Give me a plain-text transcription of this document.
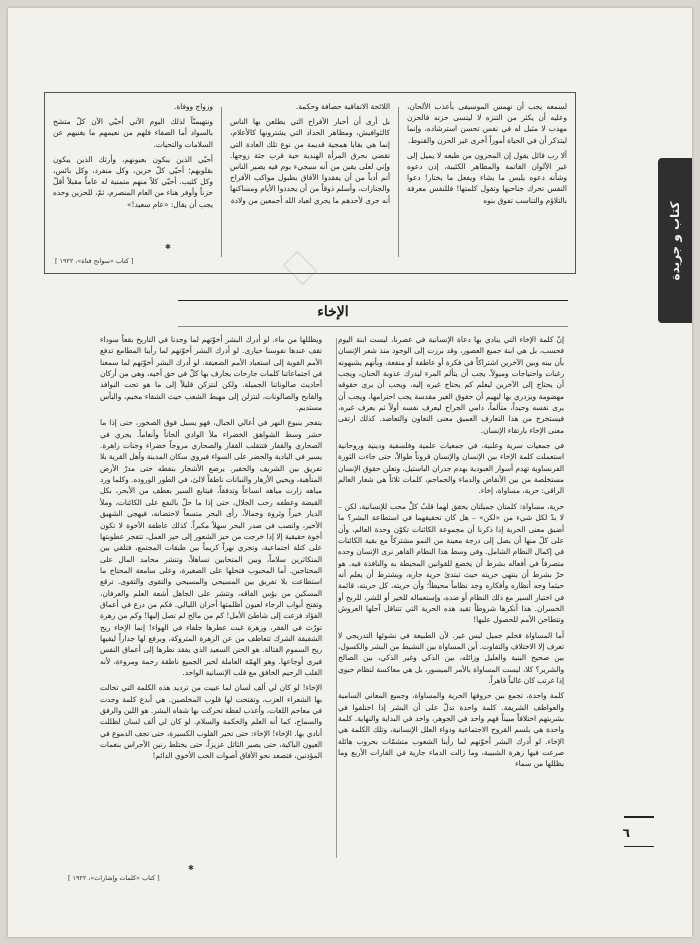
لسمعه يجب أن نهمس الموسيقى بأعذب الألحان، وعليه أن يكثر من التنزه لا ليتسى حزنه فالحزن مهذب لا مثيل له في نفس تحسن استرشاده، وإنما ليتذكر أن في الحياة أموراً أخرى غير الحزن والقنوط.

ألا رب قائل يقول إن المحزون من طبعه لا يميل إلى غير الألوان القاتمة والمظاهر الكئيبة، إذن دعوه وشأنه دعوه يلبس ما يشاء ويفعل ما يختار! دعوا النفس تحرك جناحيها وتقول كلمتها! فللنفس معرفة بالتلاؤم والتناسب تفوق بنوه

اللائحة الاتفاقية حصافة وحكمة.

بل أرى أن أحبار الأفراح التي يطلعن بها الناس كالثوافيش، ومظاهر الحداد التي يشترونها كالأعلام، إنما هي بقايا همجية قديمة من نوع تلك العادة التي تقضي بحرق المرأة الهندية حية قرب جثة زوجها. وإني لعلى يقين من أنه سيجيء يوم فيه يصير الناس أتم أدباً من أن يفقدوا الآفاق بطبول مواكب الأفراح والجنازات، وأسلم ذوقاً من أن يحددوا الأيام ومساكنها أنه جرى لأحدهم ما يجري لعباد الله أجمعين من ولادة

وزواج ووفاة.

ونتهيمنّاً لذلك اليوم الآتي أحيّي الآن كلّ متشح بالسواد أما الصفاء فلهم من نعيمهم ما يغنيهم عن السلامات والتحيات.

أحيّي الذين يبكون بعيونهم، وأرثك الذين يبكون بقلوبهم؛ أحيّي كلّ حزين، وكل منفرد، وكل بائس، وكل كئيب. أحيّي كلاً منهم متمنية له عاماً مقبلاً أقلّ حزناً وأوفر هناء من العام المنصرم، ثمّ، للحزين وحده يجب أن يقال: «عام سعيد!»

[ كتاب «سوانح فتاة»، ١٩٢٢ ]
✱	كتاب و جريدة
الإخاء

إنّ كلمة الإخاء التي ينادي بها دعاة الإنسانية في عصرنا، ليست ابنة اليوم فحسب، بل هي ابنة جميع العصور، وقد برزت إلى الوجود منذ شعر الإنسان بأن بينه وبين الآخرين اشتراكاً في فكرة أو عاطفة أو منفعة، وبأنهم يشبهونه رغبات واحتياجات وميولاً. يجب أن يتألم المرء ليدرك عذوبة الحنان، ويجب أن يحتاج إلى الآخرين ليعلم كم يحتاج غيره إليه، ويجب أن يرى حقوقه مهضومة ويزدري بها ليهيم أن حقوق الغير مقدسة يجب احترامها، ويجب أن يرى نفسه وحيداً، متألماً، دامي الجراح ليعرف نفسه أولاً ثم يعرف غيره، فيستخرج من هذا التعارف العميق معنى التعاون والتعاضد. كذلك ارتقى معنى الإخاء بارتقاء الإنسان.

في جمعيات سرية وعلنية، في جمعيات علمية وفلسفية ودينية وروحانية استعملت كلمة الإخاء بين الإنسان والإنسان قروناً طوالاً، حتى جاءت الثورة الفرنساوية تهدم أسوار العبودية بهدم جدران الباستيل، وتعلن حقوق الإنسان مستخلصة من بين الأنقاض والدماء والجماجم، كلمات ثلاثاً هي شعار العالم الراقي: حرية، مساواة، إخاء.

حرية، مساواة: كلمتان جميلتان يحقق لهما قلبُ كلِّ محب للإنسانية، لكن – لا بدّ لكل شيء من «لكن» – هل كان تحقيقهما في استطاعة البشر؟ ما أضيق معنى الحرية إذا ذكرنا أن مجموعة الكائنات تكوّن وحدة العالم، وأن على كلّ منها أن يصل إلى درجة معينة من النمو مشتركاً مع بقية الكائنات في إكمال النظام الشامل. وفي وسط هذا النظام القاهر نرى الإنسان وحده متصرفاً في أفعاله بشرط أن يخضع للقوانين المحيطة به والنافذة فيه. هو حرّ بشرط أن ينتهي حريته حيث تبتدئ حرية جاره، ويشترط أن يعلم أنه حيثما وجه أنظاره وأفكاره وجد نظاماً محيطاً؛ وأن حريته، كل حريته، قائمة في اختيار السير مع ذلك النظام أو ضده، وإستعماله للخير أو للشر، للربح أو الخسران. هذا أنكرها شروطاً تقيد هذه الحرية التي تتناقل آجلها العروش وتتطاحن الأمم للحصول عليها!

أما المساواة فحلم جميل ليس غير. لأن الطبيعة في نشوئها التدريجي لا تعرف إلا الاختلاف والتفاوت. أين المساواة بين النشيط من البشر والكسول، بين صحيح البنية والعليل وزائله، بين الذكي وغير الذكي، بين الصالح والشرير؟ كلا، ليست المساواة بالأمر الميسور، بل هي معاكسة لنظام حيوي إذا غرتب كان غالباً قاهراً.

كلمة واحدة، تجمع بين حروفها الحرية والمساواة، وجميع المعاني السامية والعواطف الشريفة. كلمة واحدة تدلّ على أن البشر إذا اختلفوا في بشريتهم اختلافاً مبيناً فهم واحد في الجوهر، واحد في البداية والنهاية. كلمة واحدة هي بلسم القروح الاجتماعية ودواء العلل الإنسانية، وتلك الكلمة هي الإخاء. لو أدرك البشر أخوّتهم لما رأينا الشعوب متشمّات بحروب هائلة صرعت فيها زهرة الشبيبة، وما زالت الدماء جارية في القارات الأربع وما يظللها من سماء

ويظللها من ماء. لو أدرك البشر أخوّتهم لما وجدنا في التاريخ بقعاً سوداء تقف عندها نفوسنا حيارى. لو أدرك البشر أخوّتهم لما رأينا المطامع تدفع الأمم القوية إلى استعباد الأمم الضعيفة. لو أدرك البشر أخوّتهم لما سمعنا في اجتماعاتنا كلمات جارحات يجارف بها كلّ في حق أخيه، وهي من أركان أحاديث صالوناتنا الجميلة. ولكن لنتزكن قليلاً إلى ما هو تحت النوافذ والقابح والصالونات، لنتزلن إلى مهبط الشعب حيث الشقاء مخيم، والبأس مستديم.

يتفجر ينبوع النهر في أعالي الجبال، فهو يسيل فوق الصخور، حتى إذا ما حشر وسط الشواهق الخضراء ملأ الوادي ألحاناً وأنغاماً. يجري في الصحاري والقفار فتتقلب القفار والصحاري مروجاً خضراء وجنات زاهرة. يسير في البادية والحضر على السواء فيروي سكان المدينة وأهل القرية بلا تفريق بين الشريف والحقير. يرضع الأشجار بنفطه حتى مدرّ الأرض المتأهبة، ويحيي الأزهار والنباتات ناطقاً لالئ، في الطور الوروده. وكلما ورد مياهه زارت مياهه انساعاً وتدفقاً، فيتابع السير بعطف من الأبحر، بكل القبضة وعطفه رحب الجلال، حتى إذا ما حلّ بالنفع على الكائنات، وملأ الديار خيراً وثروة وجمالاً، رأى البحر متسعاً لاحتضانه، فيهجي الشهيق الأخير، وانصب في صدر البحر سهلاً مكبراً. كذلك عاطفة الأخوة لا تكون أخوة حقيقية إلا إذا خرجت من حيز الشعور إلى حيز العمل، تتفجر عطوبتها على كتلة اجتماعية، وتجري نهراً كريماً بين طبقات المجتمع، فتلقي بين المتكاثرين سلاماً، وبين المتحابين تساهلاً، وتنشر محامد المال على المحتاجين. أما المحبوب فتحلها على الصغيرة، وعلى سامعة المحتاج ما استطاعت بلا تفريق بين المسيحي والمسيحي والتقوى والتقوى. ترقع المسكين من بؤس الفاقه، وتتشر على الجاهل أشعة العلم والعرفان، وتفتح أبواب الرجاء لعيون أظلمتها أحزان الليالي. فكم من درع في أعماق الفؤاد فزعت إلى شاطئ الأمل! كم من مالح لم تصل إليها! وكم من زهرة تورّث في الفقر، وزهرة غبت عطرها جلفاء في الهواء! إنما الإخاء ريح الشفيقة الشرك تتعاطف من عن الزهرة المتروكة، ويرفع لها جداراً ليقيها ريح السموم القتالة. هو الحنن السعيد الذي يفقد نظرها إلى أعماق النفس فيرى أوجاعها. وهو الهمّة العاملة لخير الجميع ناطقة رحمة ومروءة، لأنه القلب الرحيم الخافق مع قلب الإنسانية الواحد.

الإخاء! لو كان لي ألف لسان لما عييت من ترديد هذه الكلمة التي تخالت بها الشعراء العزب، وتفتحت لها قلوب المخلصين. هي أبدع كلمة وجدت في معاجم اللغات، وأعذب لفظة تحركت بها شفاه البشر. هو اللين والرفق والسماح، كما أنه العلم والحكمة والسلام. لو كان لي ألف لسان لظللت أنادي بها. الإخاء! الإخاء: حتى تحير القلوب الكسيرة، حتى تجف الدموع في العيون الباكية، حتى يصير الثاثل عزيزاً، حتى يختلط رنين الأجراس بنغمات المؤذنين، فتصعد نحو الأفاق أصوات الحب الأخوي الدائم!

[ كتاب «كلمات وإشارات»، ١٩٢٢ ]
✱
٦
